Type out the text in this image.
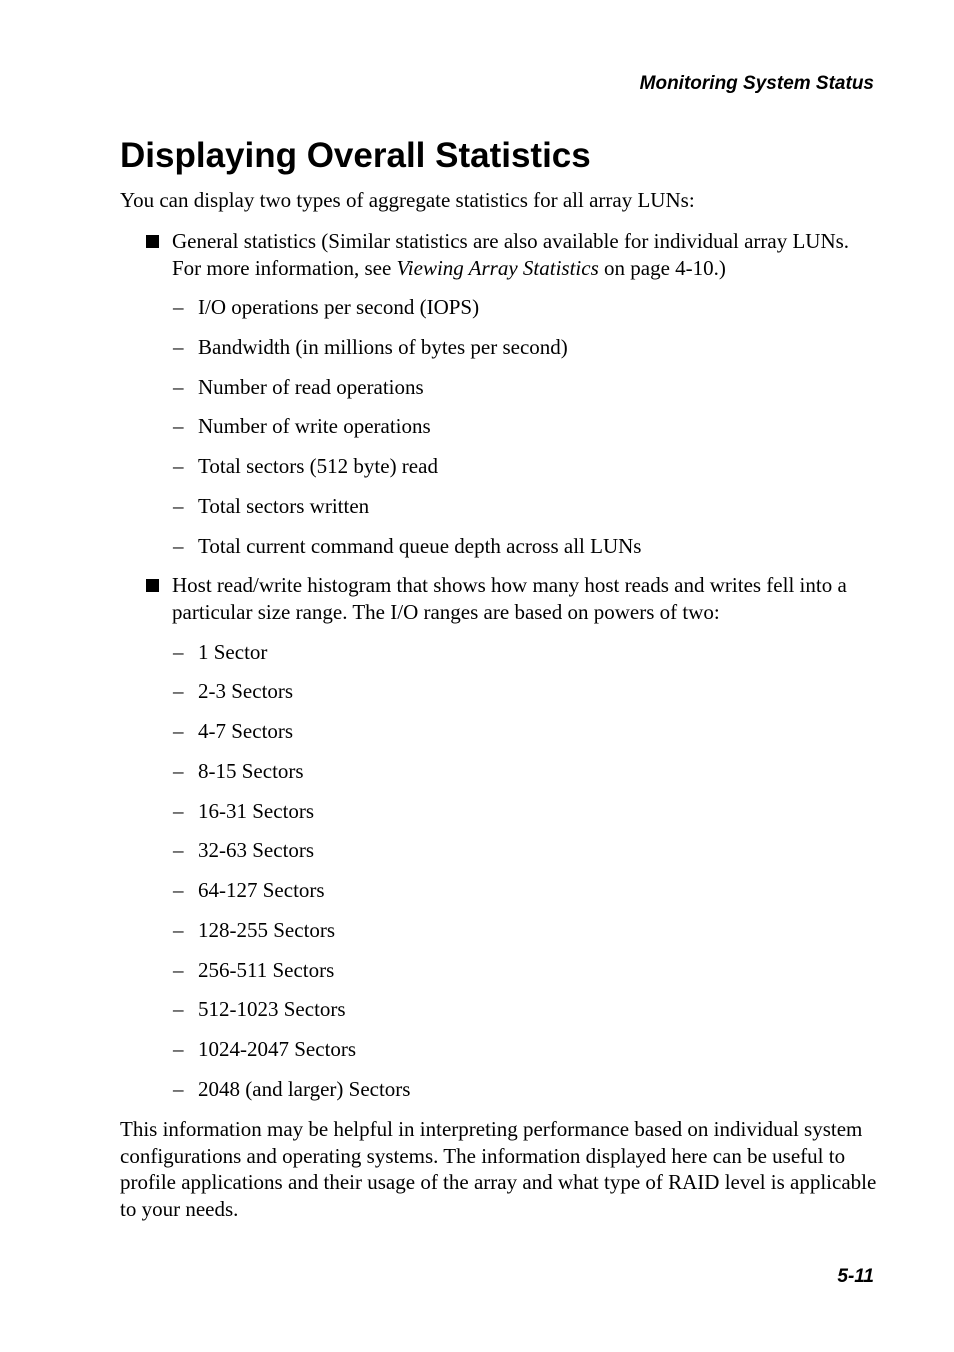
Monitoring System Status
Displaying Overall Statistics

You can display two types of aggregate statistics for all array LUNs:

General statistics (Similar statistics are also available for individual array LUNs. For more information, see Viewing Array Statistics on page 4-10.)
– I/O operations per second (IOPS)
– Bandwidth (in millions of bytes per second)
– Number of read operations
– Number of write operations
– Total sectors (512 byte) read
– Total sectors written
– Total current command queue depth across all LUNs
Host read/write histogram that shows how many host reads and writes fell into a particular size range. The I/O ranges are based on powers of two:
– 1 Sector
– 2-3 Sectors
– 4-7 Sectors
– 8-15 Sectors
– 16-31 Sectors
– 32-63 Sectors
– 64-127 Sectors
– 128-255 Sectors
– 256-511 Sectors
– 512-1023 Sectors
– 1024-2047 Sectors
– 2048 (and larger) Sectors

This information may be helpful in interpreting performance based on individual system configurations and operating systems. The information displayed here can be useful to profile applications and their usage of the array and what type of RAID level is applicable to your needs.

5-11
